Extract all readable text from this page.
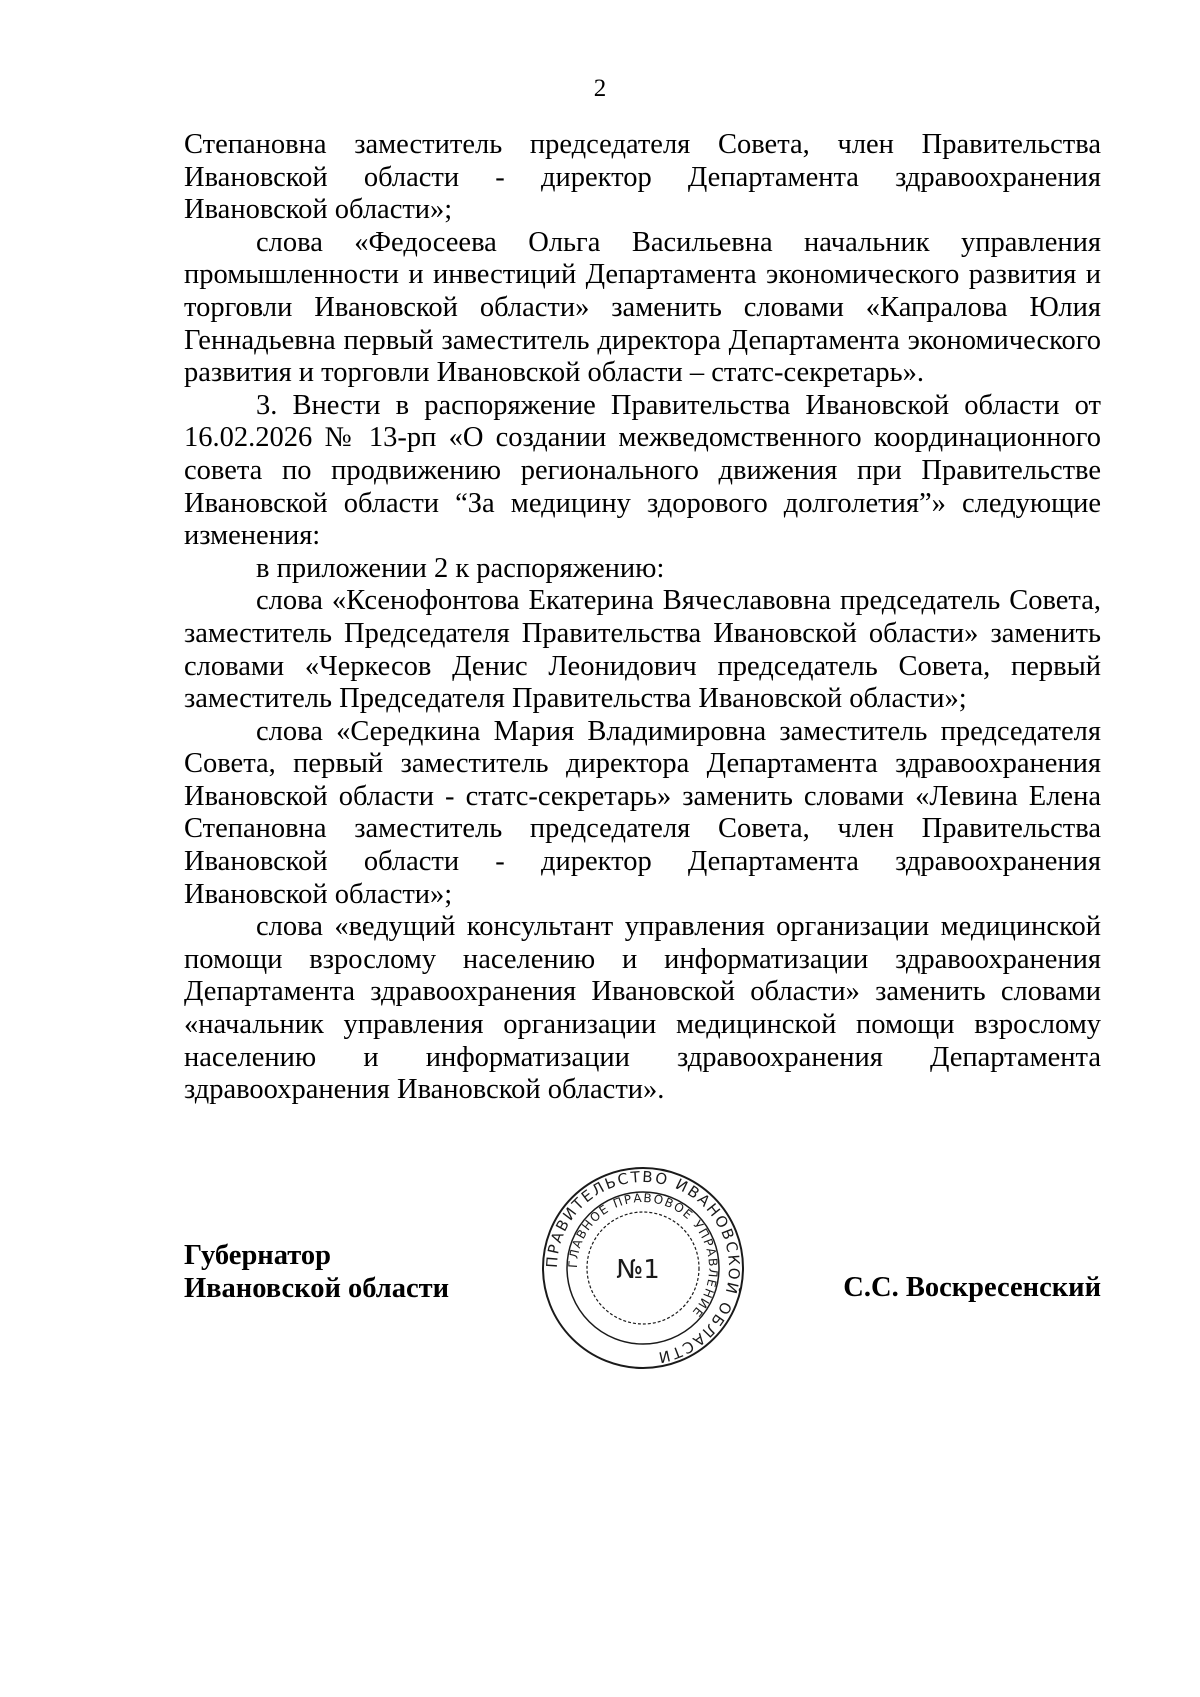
2

Степановна заместитель председателя Совета, член Правительства Ивановской области - директор Департамента здравоохранения Ивановской области»;

слова «Федосеева Ольга Васильевна начальник управления промышленности и инвестиций Департамента экономического развития и торговли Ивановской области» заменить словами «Капралова Юлия Геннадьевна первый заместитель директора Департамента экономического развития и торговли Ивановской области – статс-секретарь».

3. Внести в распоряжение Правительства Ивановской области от 16.02.2026 № 13-рп «О создании межведомственного координационного совета по продвижению регионального движения при Правительстве Ивановской области “За медицину здорового долголетия”» следующие изменения:

в приложении 2 к распоряжению:

слова «Ксенофонтова Екатерина Вячеславовна председатель Совета, заместитель Председателя Правительства Ивановской области» заменить словами «Черкесов Денис Леонидович председатель Совета, первый заместитель Председателя Правительства Ивановской области»;

слова «Середкина Мария Владимировна заместитель председателя Совета, первый заместитель директора Департамента здравоохранения Ивановской области - статс-секретарь» заменить словами «Левина Елена Степановна заместитель председателя Совета, член Правительства Ивановской области - директор Департамента здравоохранения Ивановской области»;

слова «ведущий консультант управления организации медицинской помощи взрослому населению и информатизации здравоохранения Департамента здравоохранения Ивановской области» заменить словами «начальник управления организации медицинской помощи взрослому населению и информатизации здравоохранения Департамента здравоохранения Ивановской области».

ПРАВИТЕЛЬСТВО ИВАНОВСКОЙ ОБЛАСТИ
ГЛАВНОЕ ПРАВОВОЕ УПРАВЛЕНИЕ
№1
Губернатор
Ивановской области	С.С. Воскресенский
